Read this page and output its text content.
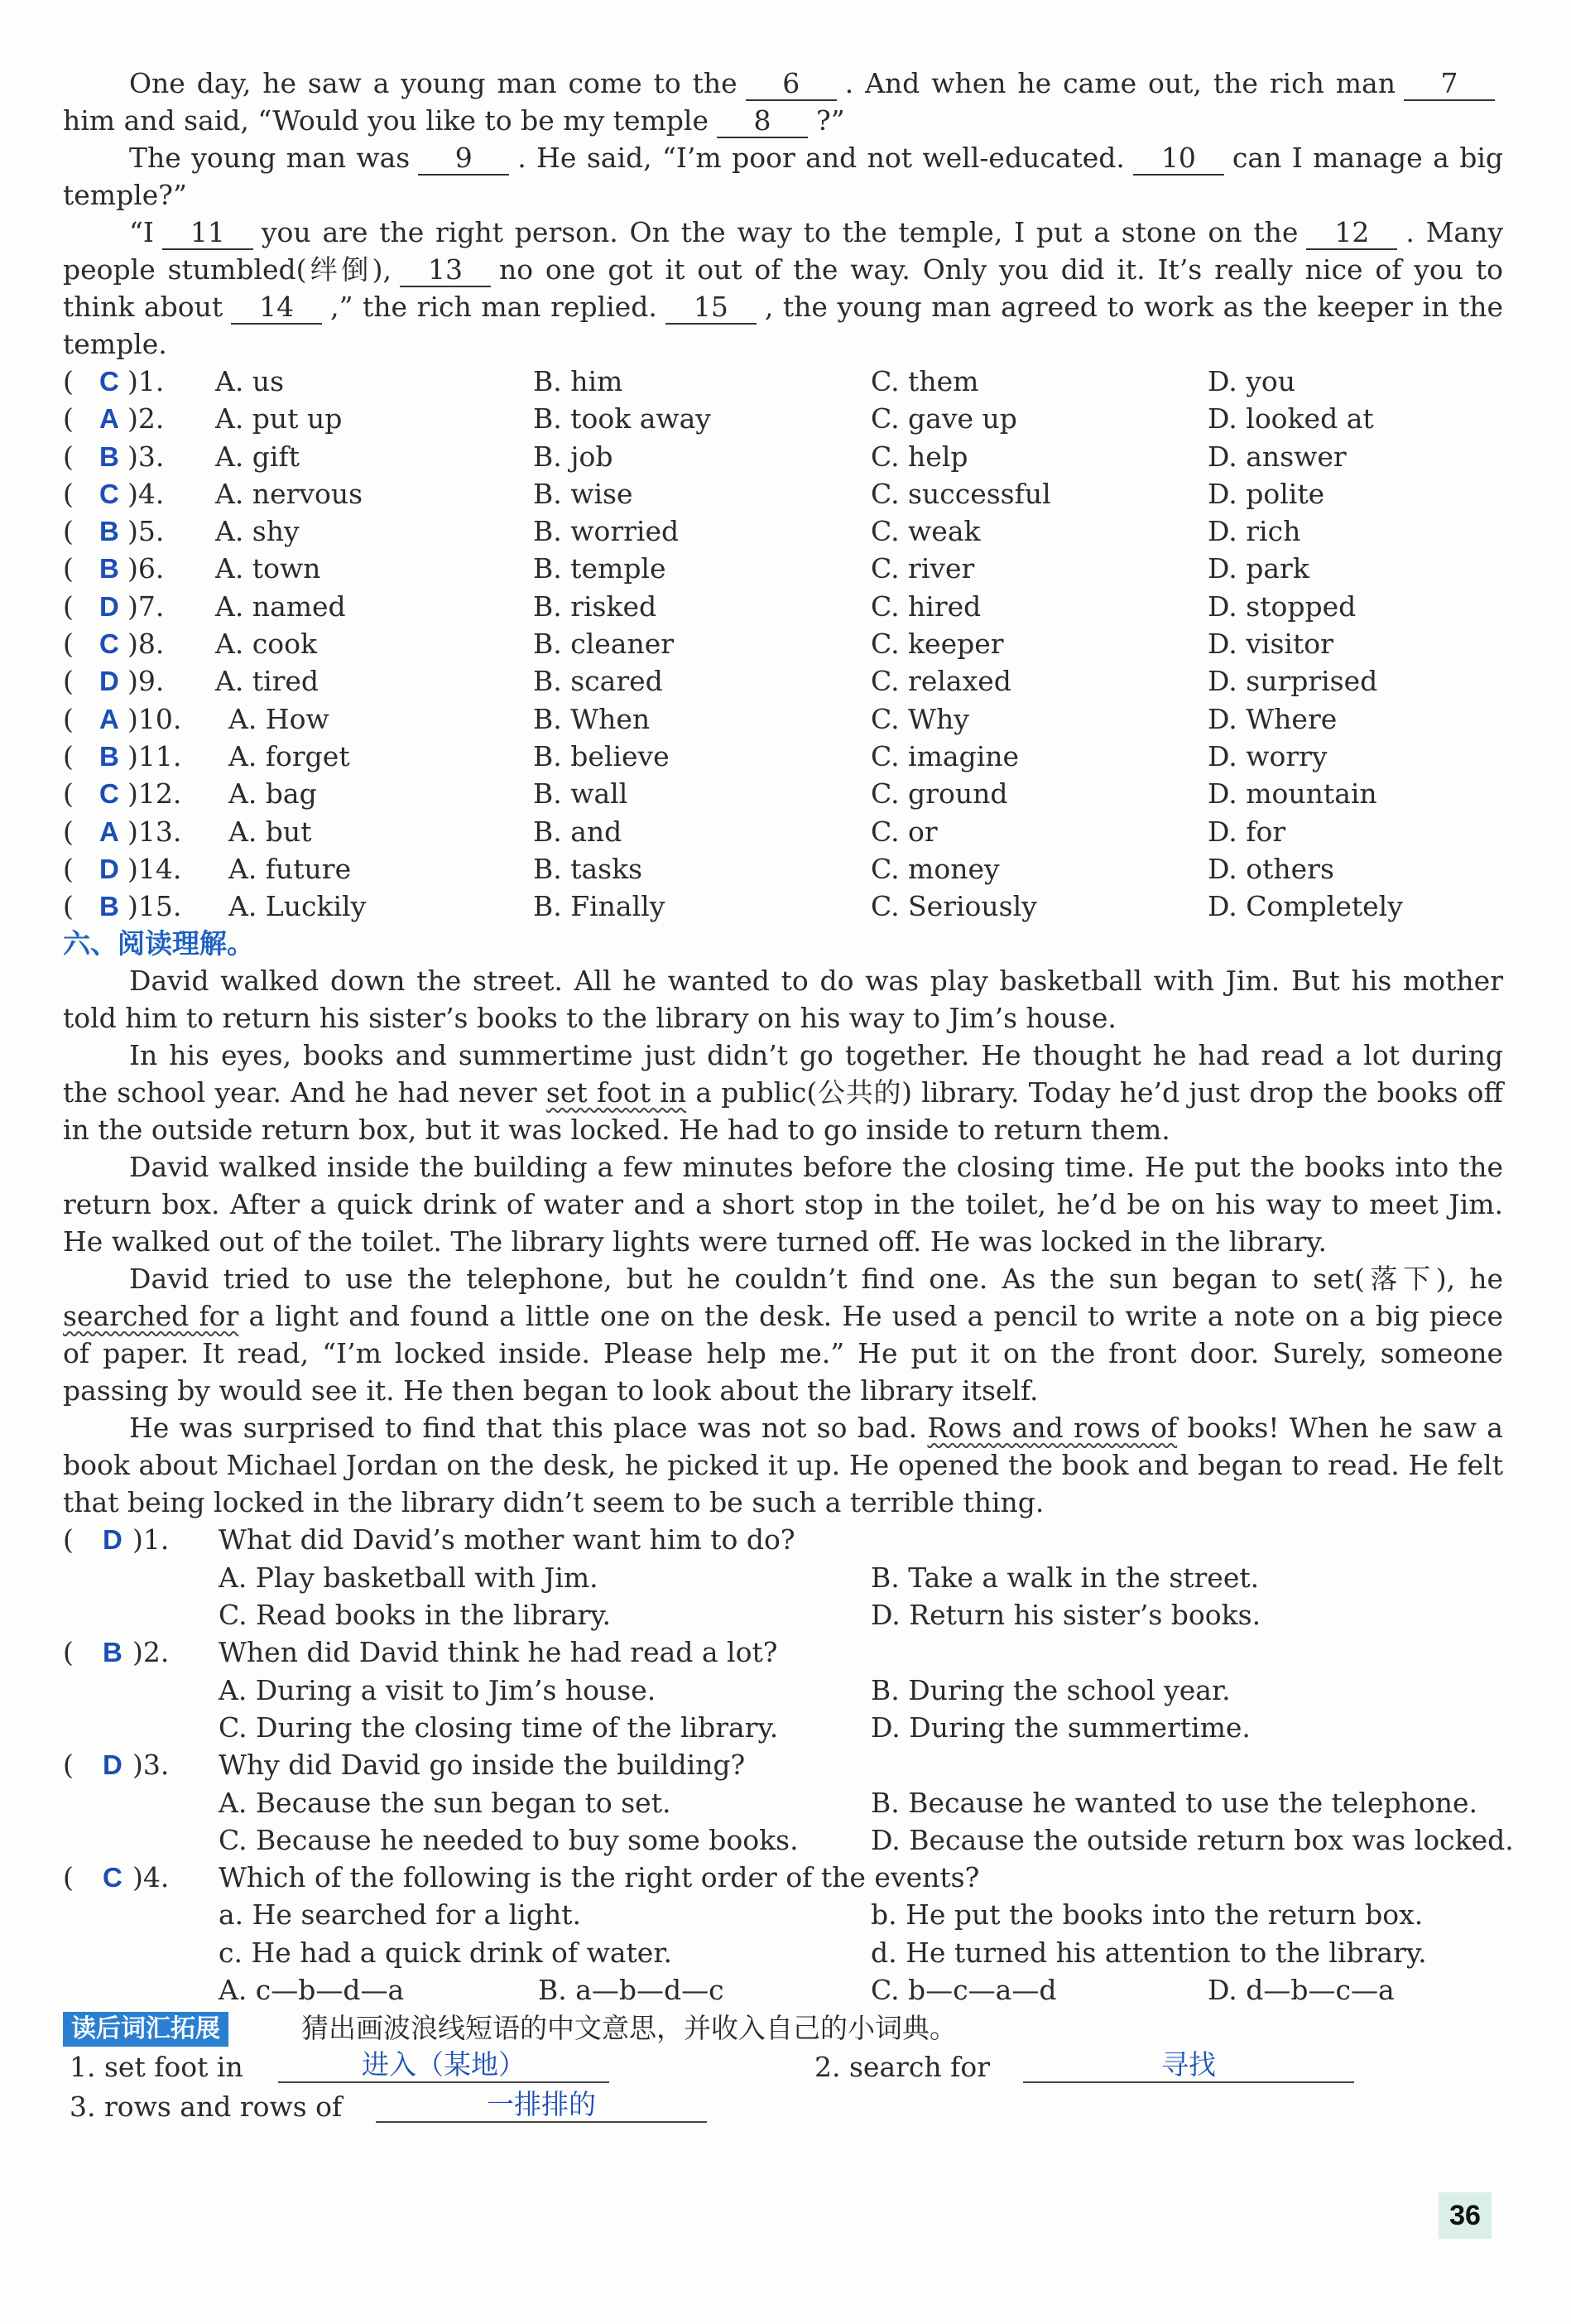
One day, he saw a young man come to the 6 . And when he came out, the rich man 7him and said, “Would you like to be my temple 8 ?”

The young man was 9 . He said, “I’m poor and not well-educated. 10 can I manage a big temple?”

“I 11 you are the right person. On the way to the temple, I put a stone on the 12 . Many people stumbled(绊倒), 13 no one got it out of the way. Only you did it. It’s really nice of you to think about 14 ,” the rich man replied. 15 , the young man agreed to work as the keeper in the temple.

( C )1. A. us	B. him	C. them	D. you
( A )2. A. put up	B. took away	C. gave up	D. looked at
( B )3. A. gift	B. job	C. help	D. answer
( C )4. A. nervous	B. wise	C. successful	D. polite
( B )5. A. shy	B. worried	C. weak	D. rich
( B )6. A. town	B. temple	C. river	D. park
( D )7. A. named	B. risked	C. hired	D. stopped
( C )8. A. cook	B. cleaner	C. keeper	D. visitor
( D )9. A. tired	B. scared	C. relaxed	D. surprised
( A )10. A. How	B. When	C. Why	D. Where
( B )11. A. forget	B. believe	C. imagine	D. worry
( C )12. A. bag	B. wall	C. ground	D. mountain
( A )13. A. but	B. and	C. or	D. for
( D )14. A. future	B. tasks	C. money	D. others
( B )15. A. Luckily	B. Finally	C. Seriously	D. Completely

六、阅读理解。

David walked down the street. All he wanted to do was play basketball with Jim. But his mother told him to return his sister’s books to the library on his way to Jim’s house.

In his eyes, books and summertime just didn’t go together. He thought he had read a lot during the school year. And he had never set foot in a public(公共的) library. Today he’d just drop the books off in the outside return box, but it was locked. He had to go inside to return them.

David walked inside the building a few minutes before the closing time. He put the books into the return box. After a quick drink of water and a short stop in the toilet, he’d be on his way to meet Jim. He walked out of the toilet. The library lights were turned off. He was locked in the library.

David tried to use the telephone, but he couldn’t find one. As the sun began to set(落下), he searched for a light and found a little one on the desk. He used a pencil to write a note on a big piece of paper. It read, “I’m locked inside. Please help me.” He put it on the front door. Surely, someone passing by would see it. He then began to look about the library itself.

He was surprised to find that this place was not so bad. Rows and rows of books! When he saw a book about Michael Jordan on the desk, he picked it up. He opened the book and began to read. He felt that being locked in the library didn’t seem to be such a terrible thing.

( D )1. What did David’s mother want him to do?
A. Play basketball with Jim.	B. Take a walk in the street.
C. Read books in the library.	D. Return his sister’s books.
( B )2. When did David think he had read a lot?
A. During a visit to Jim’s house.	B. During the school year.
C. During the closing time of the library.	D. During the summertime.
( D )3. Why did David go inside the building?
A. Because the sun began to set.	B. Because he wanted to use the telephone.
C. Because he needed to buy some books.	D. Because the outside return box was locked.
( C )4. Which of the following is the right order of the events?
a. He searched for a light.	b. He put the books into the return box.
c. He had a quick drink of water.	d. He turned his attention to the library.
A. c—b—d—a	B. a—b—d—c	C. b—c—a—d	D. d—b—c—a
读后词汇拓展	猜出画波浪线短语的中文意思，并收入自己的小词典。
1. set foot in	进入（某地）	2. search for	寻找
3. rows and rows of	一排排的
36
